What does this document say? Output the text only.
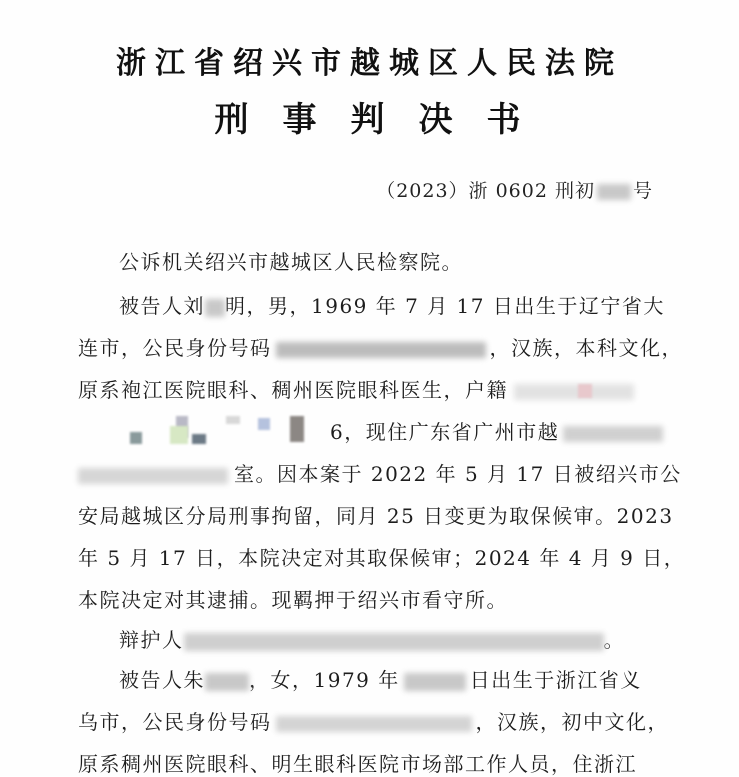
浙江省绍兴市越城区人民法院
刑事判决书
（2023）浙 0602 刑初 号
公诉机关绍兴市越城区人民检察院。
被告人刘 明，男，1969 年 7 月 17 日出生于辽宁省大
连市，公民身份号码	，汉族，本科文化，
原系袍江医院眼科、稠州医院眼科医生，户籍
6，现住广东省广州市越
室。因本案于 2022 年 5 月 17 日被绍兴市公
安局越城区分局刑事拘留，同月 25 日变更为取保候审。2023
年 5 月 17 日，本院决定对其取保候审；2024 年 4 月 9 日，
本院决定对其逮捕。现羁押于绍兴市看守所。
辩护人	。
被告人朱 ，女，1979 年	日出生于浙江省义
乌市，公民身份号码	，汉族，初中文化，
原系稠州医院眼科、明生眼科医院市场部工作人员，住浙江
